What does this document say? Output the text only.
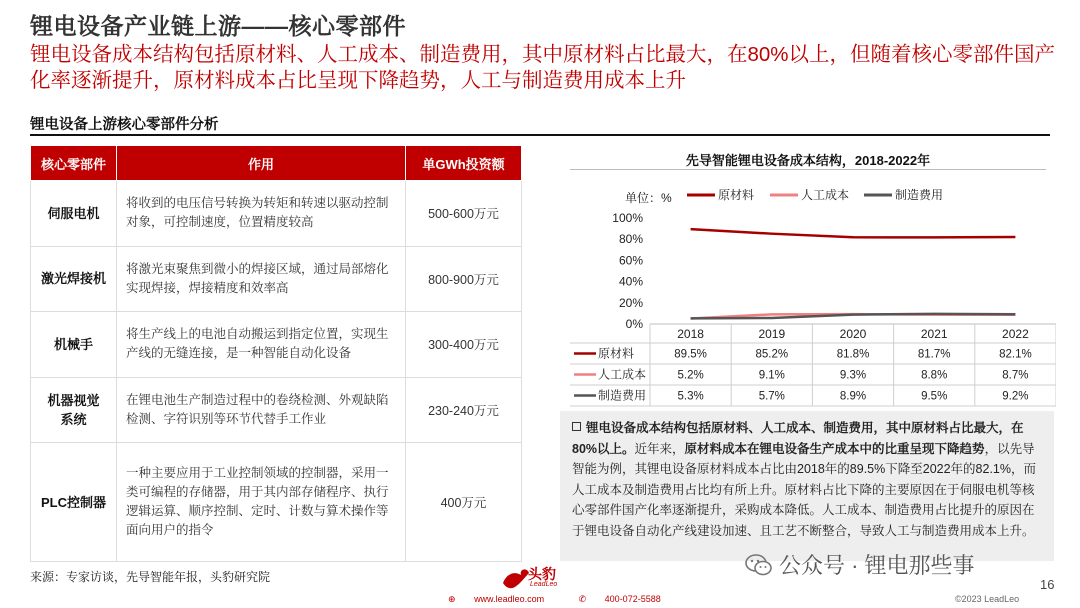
锂电设备产业链上游——核心零部件
锂电设备成本结构包括原材料、人工成本、制造费用，其中原材料占比最大，在80%以上，但随着核心零部件国产化率逐渐提升，原材料成本占比呈现下降趋势，人工与制造费用成本上升
锂电设备上游核心零部件分析
核心零部件	作用	单GWh投资额
伺服电机	将收到的电压信号转换为转矩和转速以驱动控制对象，可控制速度，位置精度较高	500-600万元
激光焊接机	将激光束聚焦到微小的焊接区域，通过局部熔化实现焊接，焊接精度和效率高	800-900万元
机械手	将生产线上的电池自动搬运到指定位置，实现生产线的无缝连接，是一种智能自动化设备	300-400万元
机器视觉
系统	在锂电池生产制造过程中的卷绕检测、外观缺陷检测、字符识别等环节代替手工作业	230-240万元
PLC控制器	一种主要应用于工业控制领域的控制器，采用一类可编程的存储器，用于其内部存储程序、执行逻辑运算、顺序控制、定时、计数与算术操作等面向用户的指令	400万元
来源：专家访谈，先导智能年报，头豹研究院
先导智能锂电设备成本结构，2018-2022年
单位：%	原材料	人工成本	制造费用
0%
20%
40%
60%
80%
100%
2018	2019	2020	2021	2022
原材料	89.5%	85.2%	81.8%	81.7%	82.1%
人工成本	5.2%	9.1%	9.3%	8.8%	8.7%
制造费用	5.3%	5.7%	8.9%	9.5%	9.2%
锂电设备成本结构包括原材料、人工成本、制造费用，其中原材料占比最大，在80%以上。近年来，原材料成本在锂电设备生产成本中的比重呈现下降趋势，以先导智能为例，其锂电设备原材料成本占比由2018年的89.5%下降至2022年的82.1%，而人工成本及制造费用占比均有所上升。原材料占比下降的主要原因在于伺服电机等核心零部件国产化率逐渐提升，采购成本降低。人工成本、制造费用占比提升的原因在于锂电设备自动化产线建设加速、且工艺不断整合，导致人工与制造费用成本上升。
头豹
LeadLeo
⊕ www.leadleo.com	✆ 400-072-5588
公众号 · 锂电那些事
16
©2023 LeadLeo
